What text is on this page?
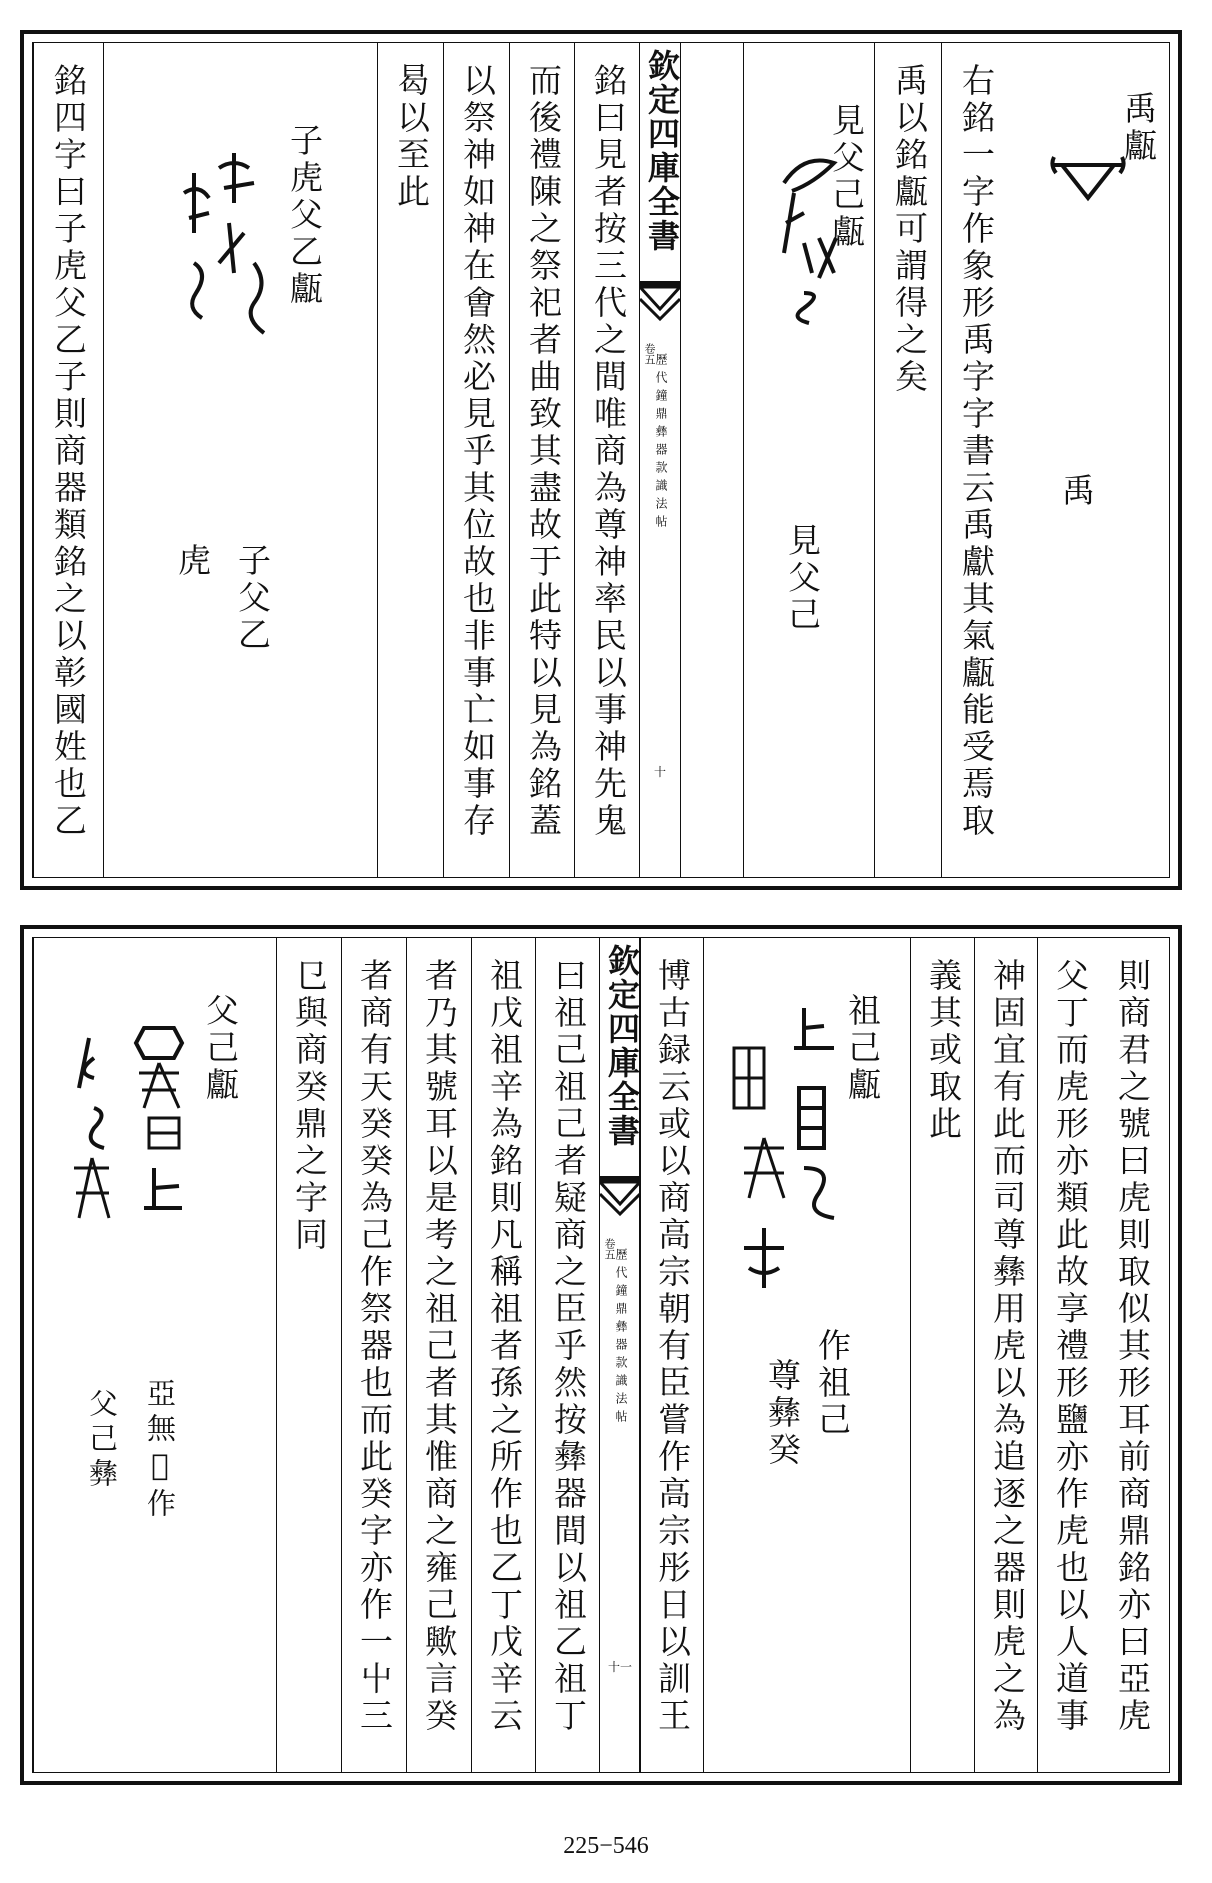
禹甗
禹
右銘一字作象形禹字字書云禹獻其氣甗能受焉取
禹以銘甗可謂得之矣
見父己甗
見父己
欽定四庫全書
歷代鐘鼎彝器款識法帖
卷五
十
銘曰見者按三代之間唯商為尊神率民以事神先鬼
而後禮陳之祭祀者曲致其盡故于此特以見為銘蓋
以祭神如神在㑹然必見乎其位故也非事亡如事存
曷以至此
子虎父乙甗
子父乙
虎
銘四字曰子虎父乙子則商器類銘之以彰國姓也乙
則商君之號曰虎則取似其形耳前商鼎銘亦曰亞虎
父丁而虎形亦類此故享禮形鹽亦作虎也以人道事
神固宜有此而司尊彝用虎以為追逐之器則虎之為
義其或取此
祖己甗
作祖己
尊彝癸
博古録云或以商高宗朝有臣嘗作高宗彤日以訓王
欽定四庫全書
歷代鐘鼎彝器款識法帖
卷五
十一
曰祖己祖己者疑商之臣乎然按彝器間以祖乙祖丁
祖戊祖辛為銘則凡稱祖者孫之所作也乙丁戊辛云
者乃其號耳以是考之祖己者其惟商之雍己歟言癸
者商有天癸癸為己作祭器也而此癸字亦作一屮三
㔾與商癸鼎之字同
父己甗
亞無𠎥作
父己彝
225−546
